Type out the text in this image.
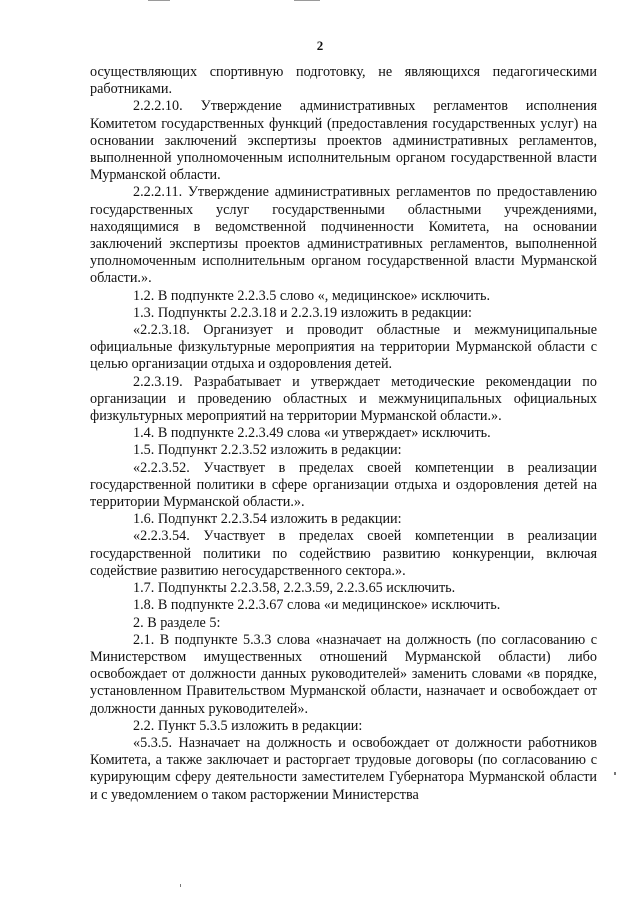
2

осуществляющих спортивную подготовку, не являющихся педагогическими работниками.

2.2.2.10. Утверждение административных регламентов исполнения Комитетом государственных функций (предоставления государственных услуг) на основании заключений экспертизы проектов административных регламентов, выполненной уполномоченным исполнительным органом государственной власти Мурманской области.

2.2.2.11. Утверждение административных регламентов по предоставлению государственных услуг государственными областными учреждениями, находящимися в ведомственной подчиненности Комитета, на основании заключений экспертизы проектов административных регламентов, выполненной уполномоченным исполнительным органом государственной власти Мурманской области.».

1.2. В подпункте 2.2.3.5 слово «, медицинское» исключить.

1.3. Подпункты 2.2.3.18 и 2.2.3.19 изложить в редакции:

«2.2.3.18. Организует и проводит областные и межмуниципальные официальные физкультурные мероприятия на территории Мурманской области с целью организации отдыха и оздоровления детей.

2.2.3.19. Разрабатывает и утверждает методические рекомендации по организации и проведению областных и межмуниципальных официальных физкультурных мероприятий на территории Мурманской области.».

1.4. В подпункте 2.2.3.49 слова «и утверждает» исключить.

1.5. Подпункт 2.2.3.52 изложить в редакции:

«2.2.3.52. Участвует в пределах своей компетенции в реализации государственной политики в сфере организации отдыха и оздоровления детей на территории Мурманской области.».

1.6. Подпункт 2.2.3.54 изложить в редакции:

«2.2.3.54. Участвует в пределах своей компетенции в реализации государственной политики по содействию развитию конкуренции, включая содействие развитию негосударственного сектора.».

1.7. Подпункты 2.2.3.58, 2.2.3.59, 2.2.3.65 исключить.

1.8. В подпункте 2.2.3.67 слова «и медицинское» исключить.

2. В разделе 5:

2.1. В подпункте 5.3.3 слова «назначает на должность (по согласованию с Министерством имущественных отношений Мурманской области) либо освобождает от должности данных руководителей» заменить словами «в порядке, установленном Правительством Мурманской области, назначает и освобождает от должности данных руководителей».

2.2. Пункт 5.3.5 изложить в редакции:

«5.3.5. Назначает на должность и освобождает от должности работников Комитета, а также заключает и расторгает трудовые договоры (по согласованию с курирующим сферу деятельности заместителем Губернатора Мурманской области и с уведомлением о таком расторжении Министерства
